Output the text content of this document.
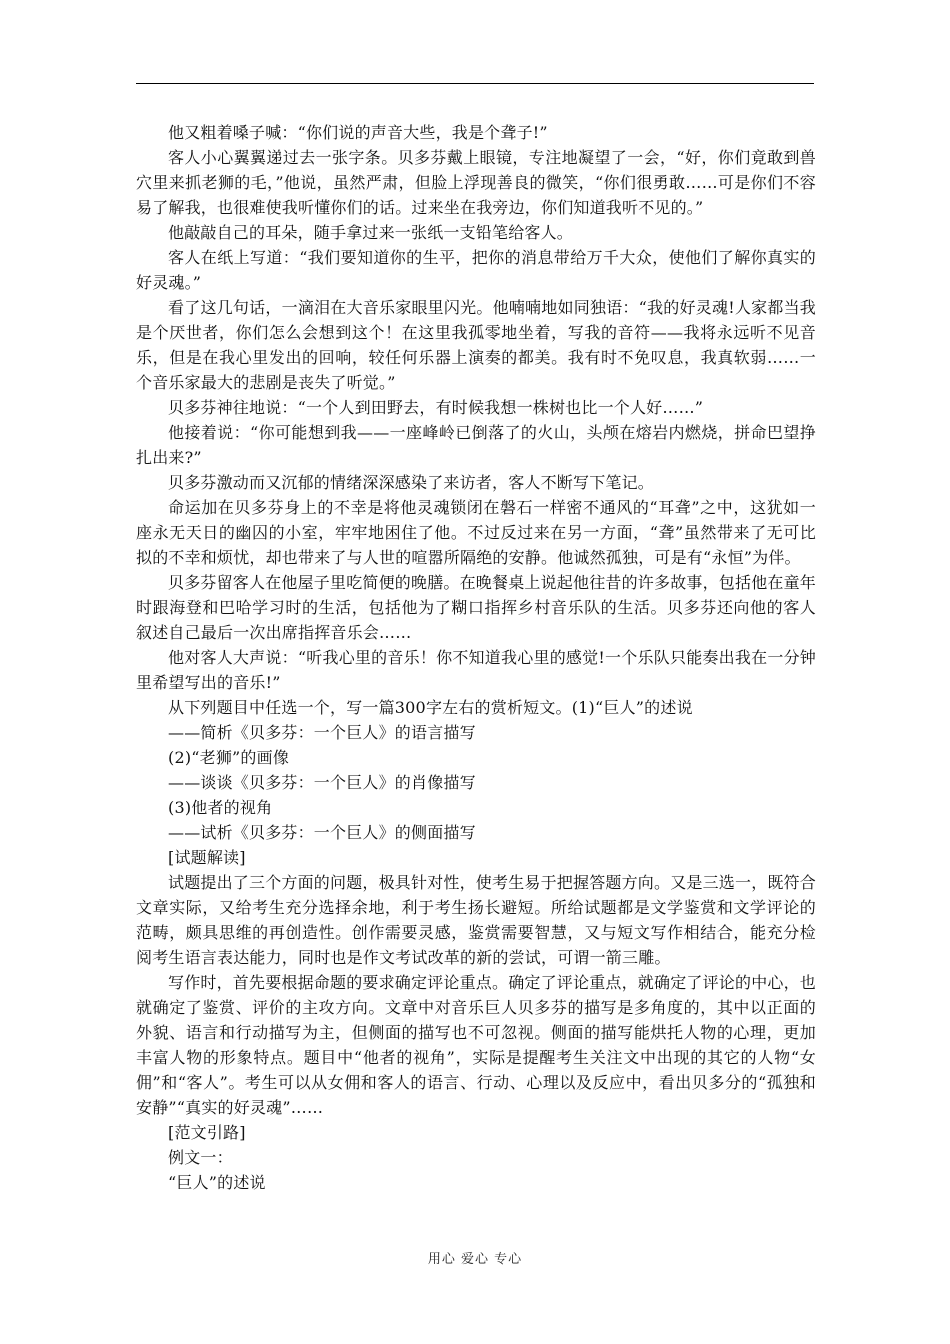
他又粗着嗓子喊：“你们说的声音大些，我是个聋子!”

客人小心翼翼递过去一张字条。贝多芬戴上眼镜，专注地凝望了一会，“好，你们竟敢到兽穴里来抓老狮的毛，”他说，虽然严肃，但脸上浮现善良的微笑，“你们很勇敢……可是你们不容易了解我，也很难使我听懂你们的话。过来坐在我旁边，你们知道我听不见的。”

他敲敲自己的耳朵，随手拿过来一张纸一支铅笔给客人。

客人在纸上写道：“我们要知道你的生平，把你的消息带给万千大众，使他们了解你真实的好灵魂。”

看了这几句话，一滴泪在大音乐家眼里闪光。他喃喃地如同独语：“我的好灵魂!人家都当我是个厌世者，你们怎么会想到这个！在这里我孤零地坐着，写我的音符——我将永远听不见音乐，但是在我心里发出的回响，较任何乐器上演奏的都美。我有时不免叹息，我真软弱……一个音乐家最大的悲剧是丧失了听觉。”

贝多芬神往地说：“一个人到田野去，有时候我想一株树也比一个人好……”

他接着说：“你可能想到我——一座峰岭已倒落了的火山，头颅在熔岩内燃烧，拼命巴望挣扎出来?”

贝多芬激动而又沉郁的情绪深深感染了来访者，客人不断写下笔记。

命运加在贝多芬身上的不幸是将他灵魂锁闭在磐石一样密不通风的“耳聋”之中，这犹如一座永无天日的幽囚的小室，牢牢地困住了他。不过反过来在另一方面，“聋”虽然带来了无可比拟的不幸和烦忧，却也带来了与人世的喧嚣所隔绝的安静。他诚然孤独，可是有“永恒”为伴。

贝多芬留客人在他屋子里吃简便的晚膳。在晚餐桌上说起他往昔的许多故事，包括他在童年时跟海登和巴哈学习时的生活，包括他为了糊口指挥乡村音乐队的生活。贝多芬还向他的客人叙述自己最后一次出席指挥音乐会……

他对客人大声说：“听我心里的音乐！你不知道我心里的感觉!一个乐队只能奏出我在一分钟里希望写出的音乐!”

从下列题目中任选一个，写一篇300字左右的赏析短文。(1)“巨人”的述说

——简析《贝多芬：一个巨人》的语言描写

(2)“老狮”的画像

——谈谈《贝多芬：一个巨人》的肖像描写

(3)他者的视角

——试析《贝多芬：一个巨人》的侧面描写

[试题解读]

试题提出了三个方面的问题，极具针对性，使考生易于把握答题方向。又是三选一，既符合文章实际，又给考生充分选择余地，利于考生扬长避短。所给试题都是文学鉴赏和文学评论的范畴，颇具思维的再创造性。创作需要灵感，鉴赏需要智慧，又与短文写作相结合，能充分检阅考生语言表达能力，同时也是作文考试改革的新的尝试，可谓一箭三雕。

写作时，首先要根据命题的要求确定评论重点。确定了评论重点，就确定了评论的中心，也就确定了鉴赏、评价的主攻方向。文章中对音乐巨人贝多芬的描写是多角度的，其中以正面的外貌、语言和行动描写为主，但侧面的描写也不可忽视。侧面的描写能烘托人物的心理，更加丰富人物的形象特点。题目中“他者的视角”，实际是提醒考生关注文中出现的其它的人物“女佣”和“客人”。考生可以从女佣和客人的语言、行动、心理以及反应中，看出贝多分的“孤独和安静”“真实的好灵魂”……

[范文引路]

例文一：

“巨人”的述说

用心 爱心 专心
